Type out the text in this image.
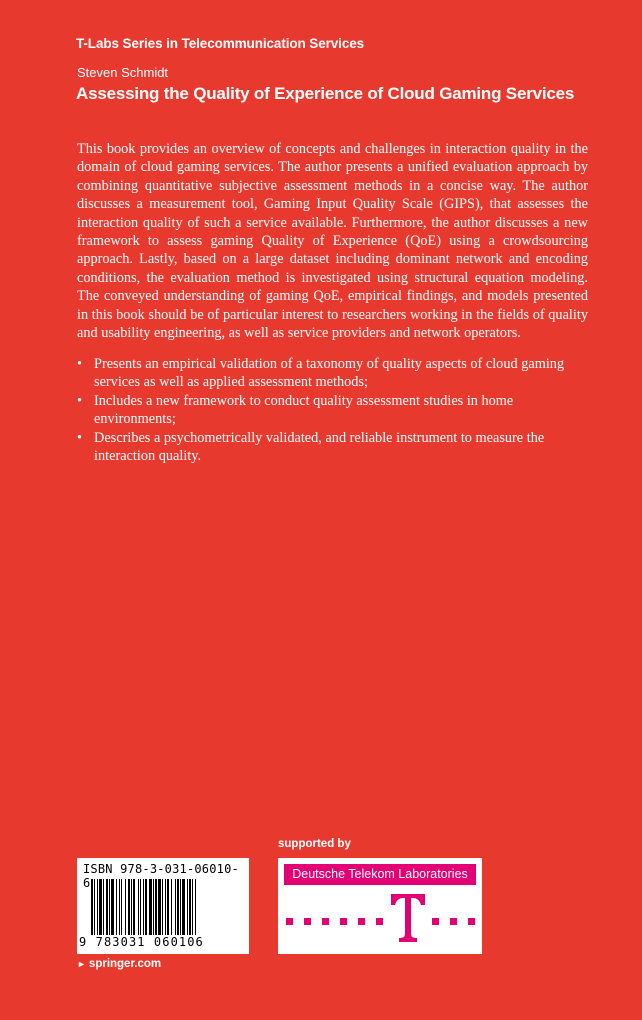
T-Labs Series in Telecommunication Services
Steven Schmidt
Assessing the Quality of Experience of Cloud Gaming Services

This book provides an overview of concepts and challenges in interaction quality in the domain of cloud gaming services. The author presents a unified evaluation approach by combining quantitative subjective assessment methods in a concise way. The author discusses a measurement tool, Gaming Input Quality Scale (GIPS), that assesses the interaction quality of such a service available. Furthermore, the author discusses a new framework to assess gaming Quality of Experience (QoE) using a crowdsourcing approach. Lastly, based on a large dataset including dominant network and encoding conditions, the evaluation method is investigated using structural equation modeling. The conveyed understanding of gaming QoE, empirical findings, and models presented in this book should be of particular interest to researchers working in the fields of quality and usability engineering, as well as service providers and network operators.

• Presents an empirical validation of a taxonomy of quality aspects of cloud gaming services as well as applied assessment methods;
• Includes a new framework to conduct quality assessment studies in home environments;
• Describes a psychometrically validated, and reliable instrument to measure the interaction quality.
supported by
ISBN 978-3-031-06010-6
9 783031 060106
Deutsche Telekom Laboratories
► springer.com
